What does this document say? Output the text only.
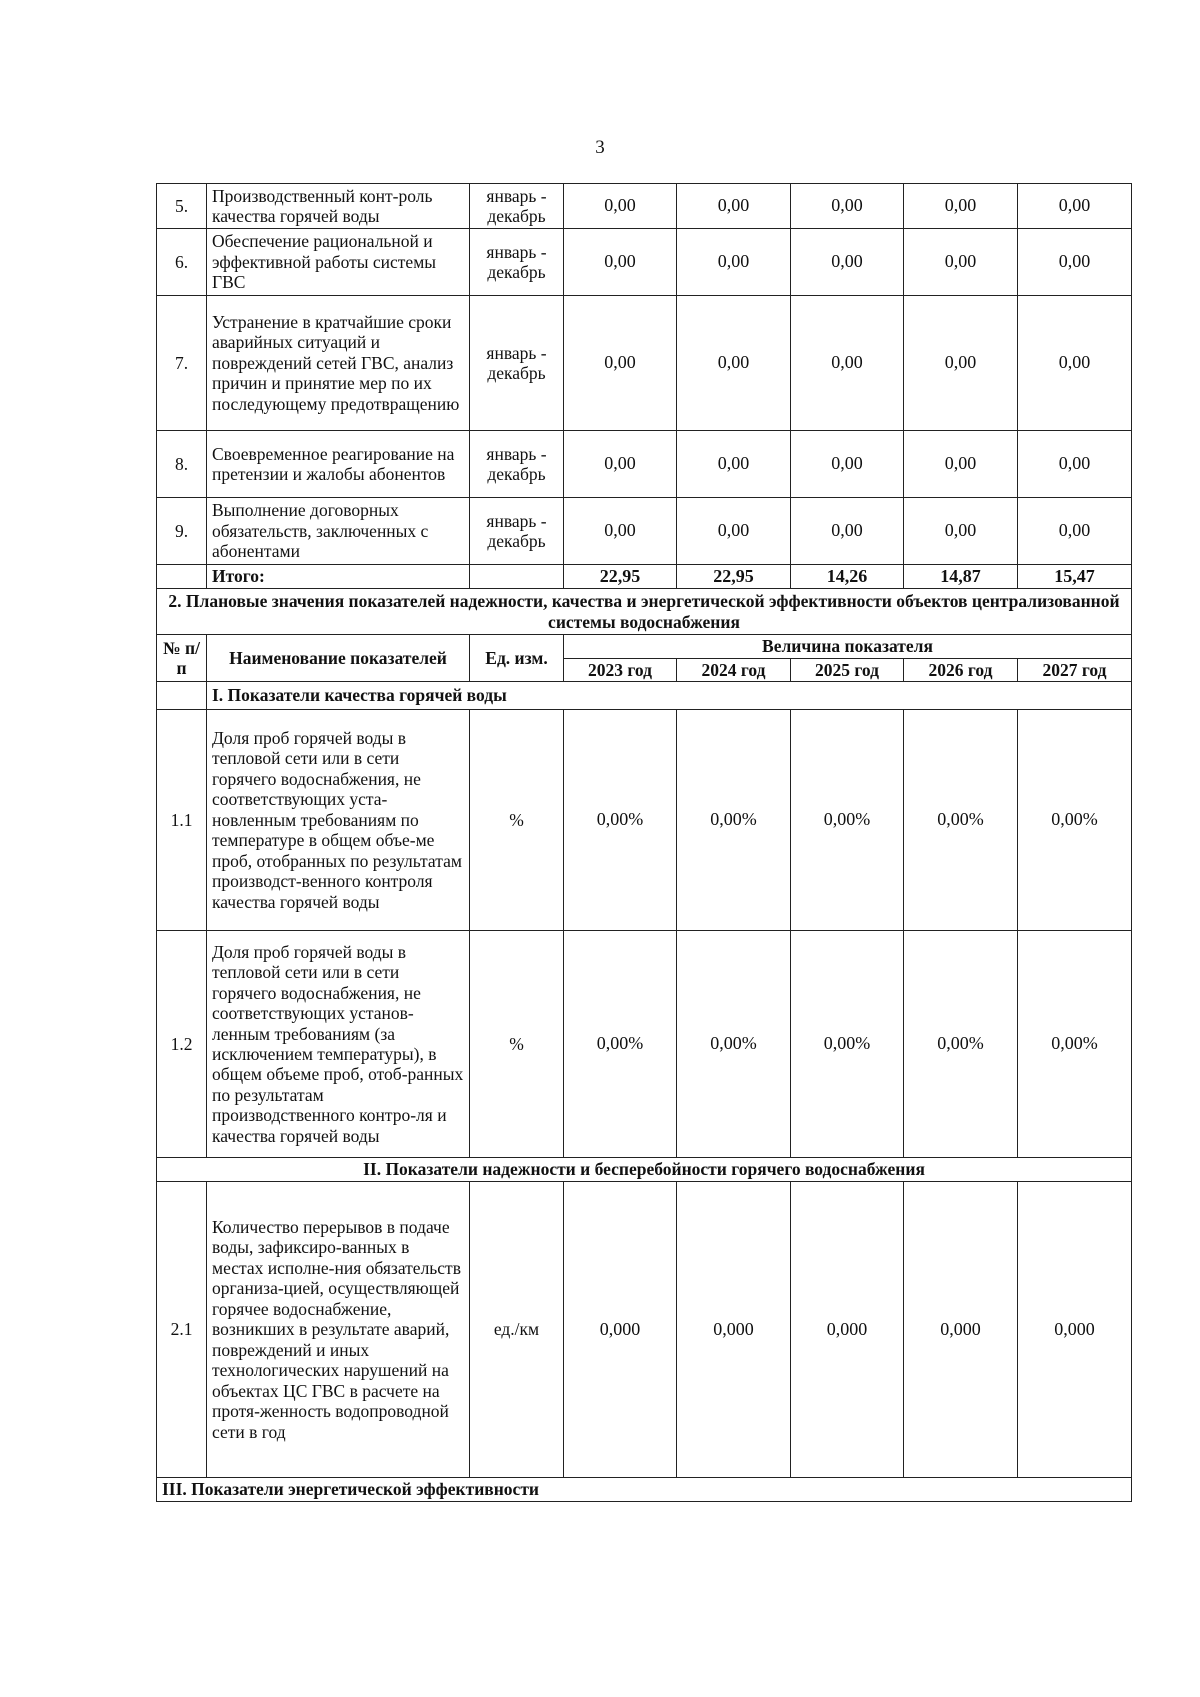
3
5.	Производственный конт-роль качества горячей воды	январь - декабрь	0,00	0,00	0,00	0,00	0,00
6.	Обеспечение рациональной и эффективной работы системы ГВС	январь - декабрь	0,00	0,00	0,00	0,00	0,00
7.	Устранение в кратчайшие сроки аварийных ситуаций и повреждений сетей ГВС, анализ причин и принятие мер по их последующему предотвращению	январь - декабрь	0,00	0,00	0,00	0,00	0,00
8.	Своевременное реагирование на претензии и жалобы абонентов	январь - декабрь	0,00	0,00	0,00	0,00	0,00
9.	Выполнение договорных обязательств, заключенных с абонентами	январь - декабрь	0,00	0,00	0,00	0,00	0,00
	Итого:		22,95	22,95	14,26	14,87	15,47
2. Плановые значения показателей надежности, качества и энергетической эффективности объектов централизованной системы водоснабжения							
№ п/п	Наименование показателей	Ед. изм.	Величина показателя				
			2023 год	2024 год	2025 год	2026 год	2027 год
	I. Показатели качества горячей воды						
1.1	Доля проб горячей воды в тепловой сети или в сети горячего водоснабжения, не соответствующих уста-новленным требованиям по температуре в общем объе-ме проб, отобранных по результатам производст-венного контроля качества горячей воды	%	0,00%	0,00%	0,00%	0,00%	0,00%
1.2	Доля проб горячей воды в тепловой сети или в сети горячего водоснабжения, не соответствующих установ-ленным требованиям (за исключением температуры), в общем объеме проб, отоб-ранных по результатам производственного контро-ля и качества горячей воды	%	0,00%	0,00%	0,00%	0,00%	0,00%
II. Показатели надежности и бесперебойности горячего водоснабжения							
2.1	Количество перерывов в подаче воды, зафиксиро-ванных в местах исполне-ния обязательств организа-цией, осуществляющей горячее водоснабжение, возникших в результате аварий, повреждений и иных технологических нарушений на объектах ЦС ГВС в расчете на протя-женность водопроводной сети в год	ед./км	0,000	0,000	0,000	0,000	0,000
III. Показатели энергетической эффективности							
